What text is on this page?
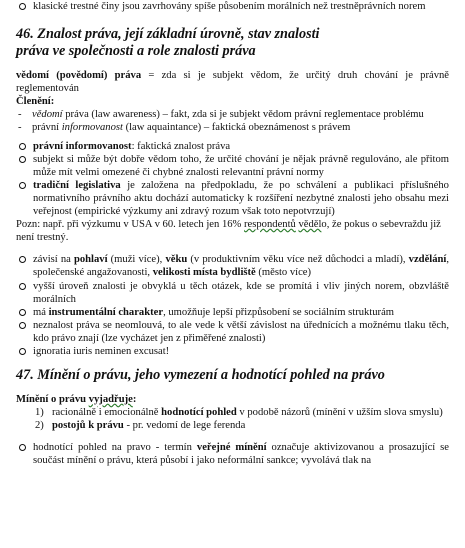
klasické trestné činy jsou zavrhovány spíše působením morálních než trestněprávních norem
46. Znalost práva, její základní úrovně, stav znalosti
práva ve společnosti a role znalosti práva

vědomí (povědomí) práva = zda si je subjekt vědom, že určitý druh chování je právně reglementován

Členění:

- vědomí práva (law awareness) – fakt, zda si je subjekt vědom právní reglementace problému
- právní informovanost (law aquaintance) – faktická obeznámenost s právem
právní informovanost: faktická znalost práva
subjekt si může být dobře vědom toho, že určité chování je nějak právně regulováno, ale přitom může mít velmi omezené či chybné znalosti relevantní právní normy
tradiční legislativa je založena na předpokladu, že po schválení a publikaci příslušného normativního právního aktu dochází automaticky k rozšíření nezbytné znalosti jeho obsahu mezi veřejnost (empirické výzkumy ani zdravý rozum však toto nepotvrzují)

Pozn: např. při výzkumu v USA v 60. letech jen 16% respondentů vědělo, že pokus o sebevraždu již není trestný.

závisí na pohlaví (muži více), věku (v produktivním věku více než důchodci a mladí), vzdělání, společenské angažovanosti, velikosti místa bydliště (město více)
vyšší úroveň znalosti je obvyklá u těch otázek, kde se promítá i vliv jiných norem, obzvláště morálních
má instrumentální charakter, umožňuje lepší přizpůsobení se sociálním strukturám
neznalost práva se neomlouvá, to ale vede k větší závislost na úřednících a možnému tlaku těch, kdo právo znají (lze vycházet jen z přiměřené znalosti)
ignoratia iuris neminen excusat!
47. Mínění o právu, jeho vymezení a hodnotící pohled na právo

Mínění o právu vyjadřuje:

1) racionálně i emocionálně hodnotící pohled v podobě názorů (mínění v užším slova smyslu)
2) postojů k právu - pr. vedomí de lege ferenda
hodnotící pohled na pravo - termín veřejné mínění označuje aktivizovanou a prosazující se součást mínění o právu, která působí i jako neformální sankce; vyvolává tlak na
